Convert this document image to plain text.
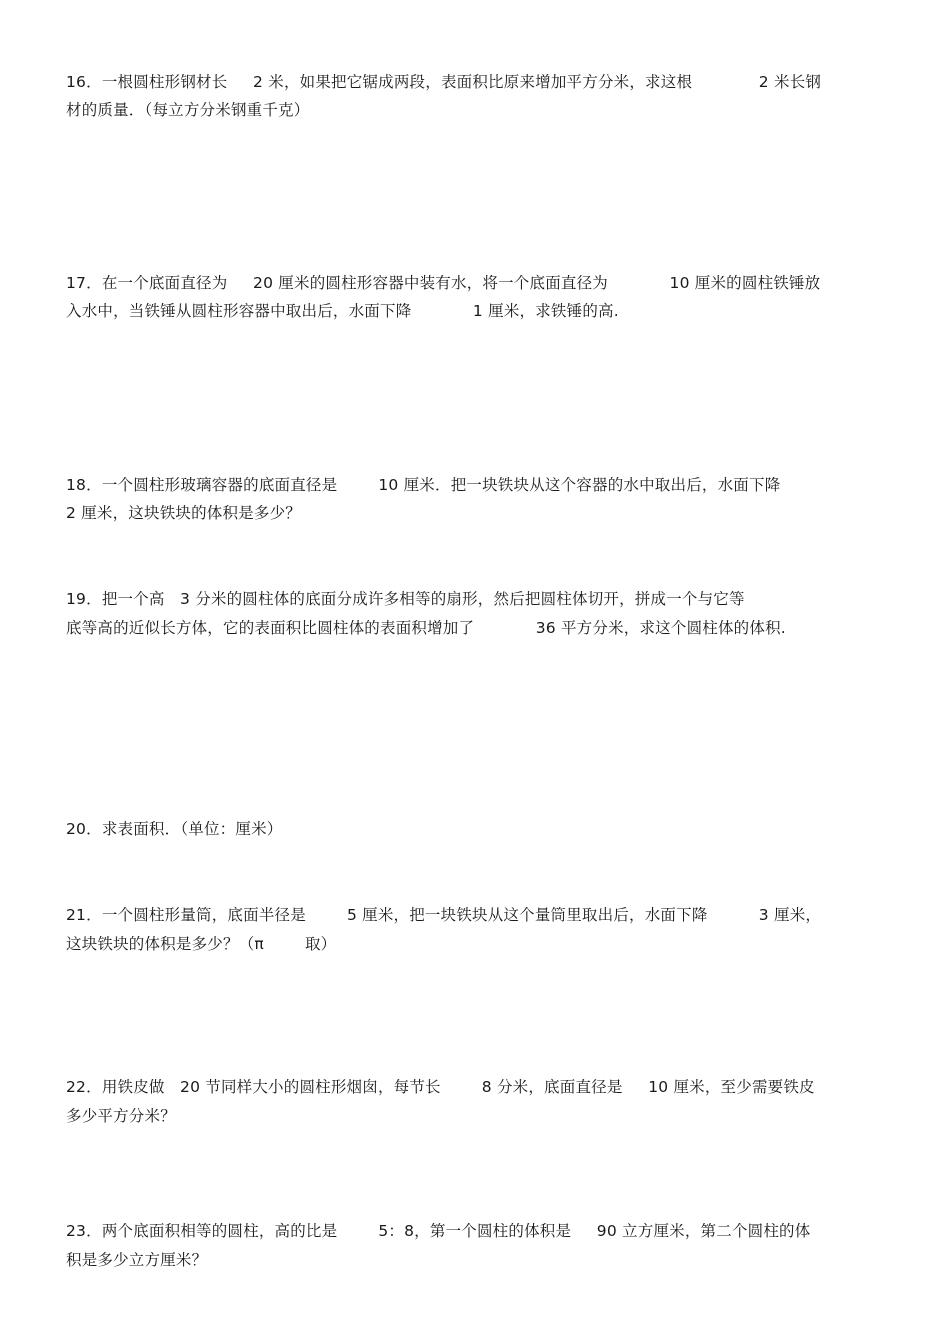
16．一根圆柱形钢材长     2 米，如果把它锯成两段，表面积比原来增加平方分米，求这根             2 米长钢
材的质量．（每立方分米钢重千克）
17．在一个底面直径为     20 厘米的圆柱形容器中装有水，将一个底面直径为            10 厘米的圆柱铁锤放
入水中，当铁锤从圆柱形容器中取出后，水面下降            1 厘米，求铁锤的高.
18．一个圆柱形玻璃容器的底面直径是        10 厘米．把一块铁块从这个容器的水中取出后，水面下降
2 厘米，这块铁块的体积是多少？
19．把一个高   3 分米的圆柱体的底面分成许多相等的扇形，然后把圆柱体切开，拼成一个与它等
底等高的近似长方体，它的表面积比圆柱体的表面积增加了            36 平方分米，求这个圆柱体的体积.
20．求表面积．（单位：厘米）
21．一个圆柱形量筒，底面半径是        5 厘米，把一块铁块从这个量筒里取出后，水面下降          3 厘米，
这块铁块的体积是多少？（π        取）
22．用铁皮做   20 节同样大小的圆柱形烟囱，每节长        8 分米，底面直径是     10 厘米，至少需要铁皮
多少平方分米？
23．两个底面积相等的圆柱，高的比是        5：8，第一个圆柱的体积是     90 立方厘米，第二个圆柱的体
积是多少立方厘米？
